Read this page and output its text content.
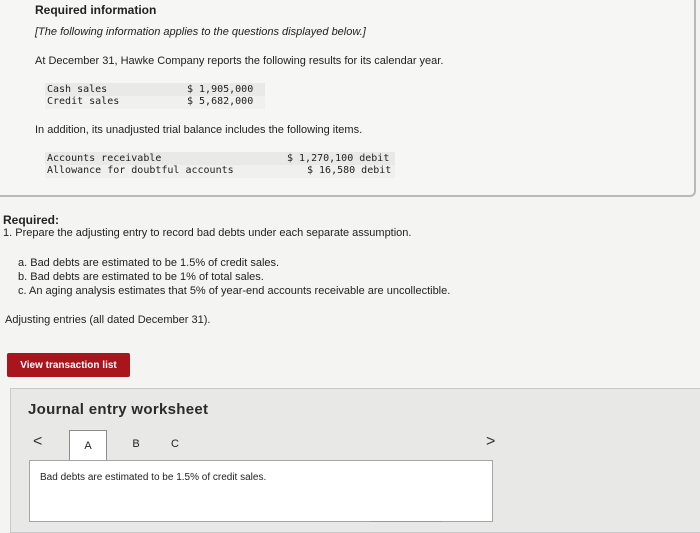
Required information
[The following information applies to the questions displayed below.]
At December 31, Hawke Company reports the following results for its calendar year.
Cash sales	$ 1,905,000
Credit sales	$ 5,682,000
In addition, its unadjusted trial balance includes the following items.
Accounts receivable	$ 1,270,100 debit
Allowance for doubtful accounts	$ 16,580 debit
Required:
1. Prepare the adjusting entry to record bad debts under each separate assumption.
a. Bad debts are estimated to be 1.5% of credit sales.
b. Bad debts are estimated to be 1% of total sales.
c. An aging analysis estimates that 5% of year-end accounts receivable are uncollectible.
Adjusting entries (all dated December 31).
View transaction list
Journal entry worksheet
<	A	B	C	>
Bad debts are estimated to be 1.5% of credit sales.
